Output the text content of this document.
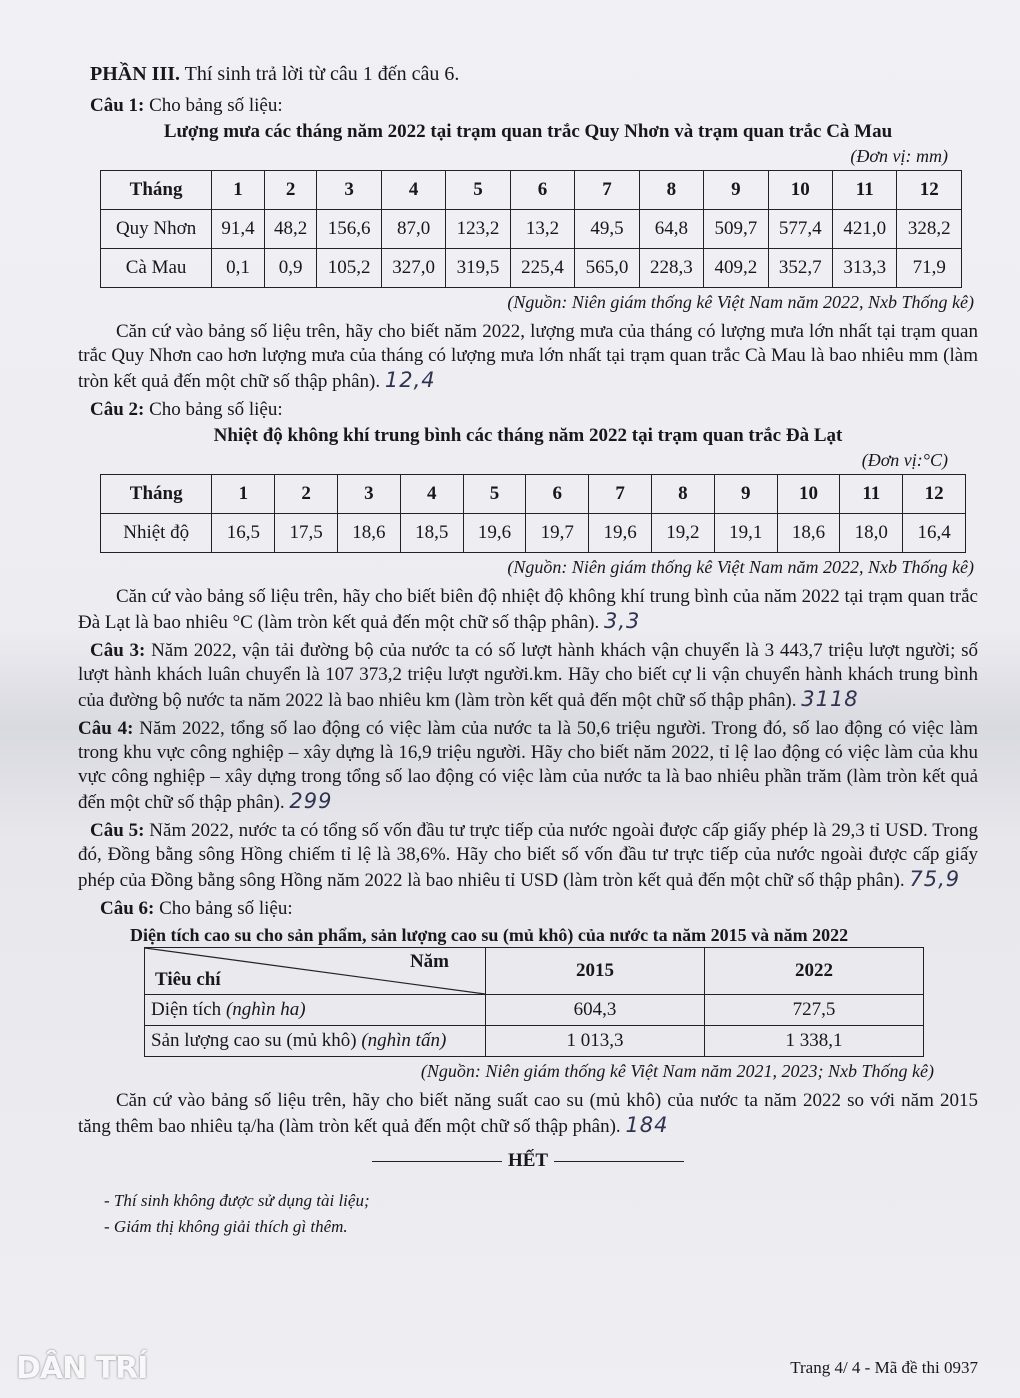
PHẦN III. Thí sinh trả lời từ câu 1 đến câu 6.

Câu 1: Cho bảng số liệu:

Lượng mưa các tháng năm 2022 tại trạm quan trắc Quy Nhơn và trạm quan trắc Cà Mau
(Đơn vị: mm)
Tháng	1	2	3	4	5	6	7	8	9	10	11	12
Quy Nhơn	91,4	48,2	156,6	87,0	123,2	13,2	49,5	64,8	509,7	577,4	421,0	328,2
Cà Mau	0,1	0,9	105,2	327,0	319,5	225,4	565,0	228,3	409,2	352,7	313,3	71,9
(Nguồn: Niên giám thống kê Việt Nam năm 2022, Nxb Thống kê)

Căn cứ vào bảng số liệu trên, hãy cho biết năm 2022, lượng mưa của tháng có lượng mưa lớn nhất tại trạm quan trắc Quy Nhơn cao hơn lượng mưa của tháng có lượng mưa lớn nhất tại trạm quan trắc Cà Mau là bao nhiêu mm (làm tròn kết quả đến một chữ số thập phân). 12,4

Câu 2: Cho bảng số liệu:

Nhiệt độ không khí trung bình các tháng năm 2022 tại trạm quan trắc Đà Lạt
(Đơn vị:°C)
Tháng	1	2	3	4	5	6	7	8	9	10	11	12
Nhiệt độ	16,5	17,5	18,6	18,5	19,6	19,7	19,6	19,2	19,1	18,6	18,0	16,4
(Nguồn: Niên giám thống kê Việt Nam năm 2022, Nxb Thống kê)

Căn cứ vào bảng số liệu trên, hãy cho biết biên độ nhiệt độ không khí trung bình của năm 2022 tại trạm quan trắc Đà Lạt là bao nhiêu °C (làm tròn kết quả đến một chữ số thập phân). 3,3

Câu 3: Năm 2022, vận tải đường bộ của nước ta có số lượt hành khách vận chuyển là 3 443,7 triệu lượt người; số lượt hành khách luân chuyển là 107 373,2 triệu lượt người.km. Hãy cho biết cự li vận chuyển hành khách trung bình của đường bộ nước ta năm 2022 là bao nhiêu km (làm tròn kết quả đến một chữ số thập phân). 3118

Câu 4: Năm 2022, tổng số lao động có việc làm của nước ta là 50,6 triệu người. Trong đó, số lao động có việc làm trong khu vực công nghiệp – xây dựng là 16,9 triệu người. Hãy cho biết năm 2022, tỉ lệ lao động có việc làm của khu vực công nghiệp – xây dựng trong tổng số lao động có việc làm của nước ta là bao nhiêu phần trăm (làm tròn kết quả đến một chữ số thập phân). 299

Câu 5: Năm 2022, nước ta có tổng số vốn đầu tư trực tiếp của nước ngoài được cấp giấy phép là 29,3 tỉ USD. Trong đó, Đồng bằng sông Hồng chiếm tỉ lệ là 38,6%. Hãy cho biết số vốn đầu tư trực tiếp của nước ngoài được cấp giấy phép của Đồng bằng sông Hồng năm 2022 là bao nhiêu tỉ USD (làm tròn kết quả đến một chữ số thập phân). 75,9

Câu 6: Cho bảng số liệu:

Diện tích cao su cho sản phẩm, sản lượng cao su (mủ khô) của nước ta năm 2015 và năm 2022
Năm
Tiêu chí	2015	2022
Diện tích (nghìn ha)	604,3	727,5
Sản lượng cao su (mủ khô) (nghìn tấn)	1 013,3	1 338,1
(Nguồn: Niên giám thống kê Việt Nam năm 2021, 2023; Nxb Thống kê)

Căn cứ vào bảng số liệu trên, hãy cho biết năng suất cao su (mủ khô) của nước ta năm 2022 so với năm 2015 tăng thêm bao nhiêu tạ/ha (làm tròn kết quả đến một chữ số thập phân). 184

HẾT
- Thí sinh không được sử dụng tài liệu;
- Giám thị không giải thích gì thêm.
DÂN TRÍ	Trang 4/ 4 - Mã đề thi 0937
